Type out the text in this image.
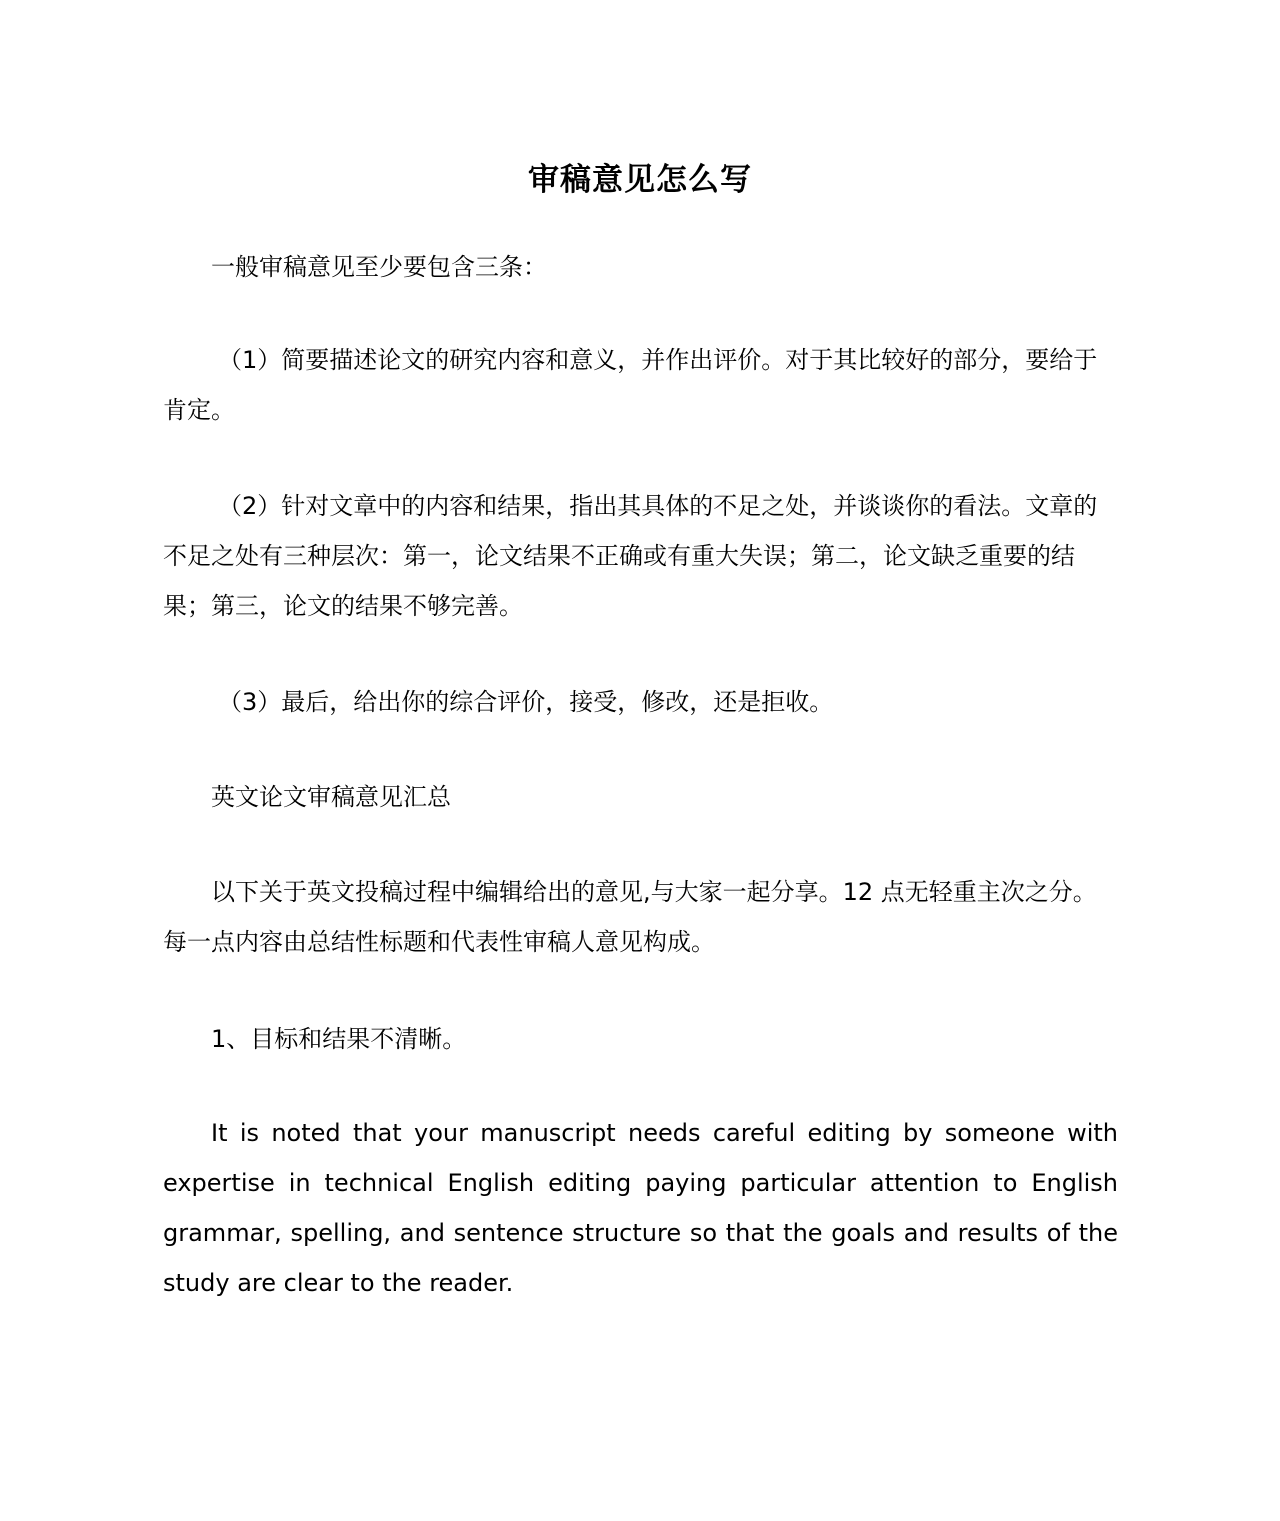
审稿意见怎么写

一般审稿意见至少要包含三条：

（1）简要描述论文的研究内容和意义，并作出评价。对于其比较好的部分，要给于肯定。

（2）针对文章中的内容和结果，指出其具体的不足之处，并谈谈你的看法。文章的不足之处有三种层次：第一，论文结果不正确或有重大失误；第二，论文缺乏重要的结果；第三，论文的结果不够完善。

（3）最后，给出你的综合评价，接受，修改，还是拒收。

英文论文审稿意见汇总

以下关于英文投稿过程中编辑给出的意见,与大家一起分享。12 点无轻重主次之分。每一点内容由总结性标题和代表性审稿人意见构成。

1、目标和结果不清晰。

It is noted that your manuscript needs careful editing by someone with expertise in technical English editing paying particular attention to English grammar, spelling, and sentence structure so that the goals and results of the study are clear to the reader.
